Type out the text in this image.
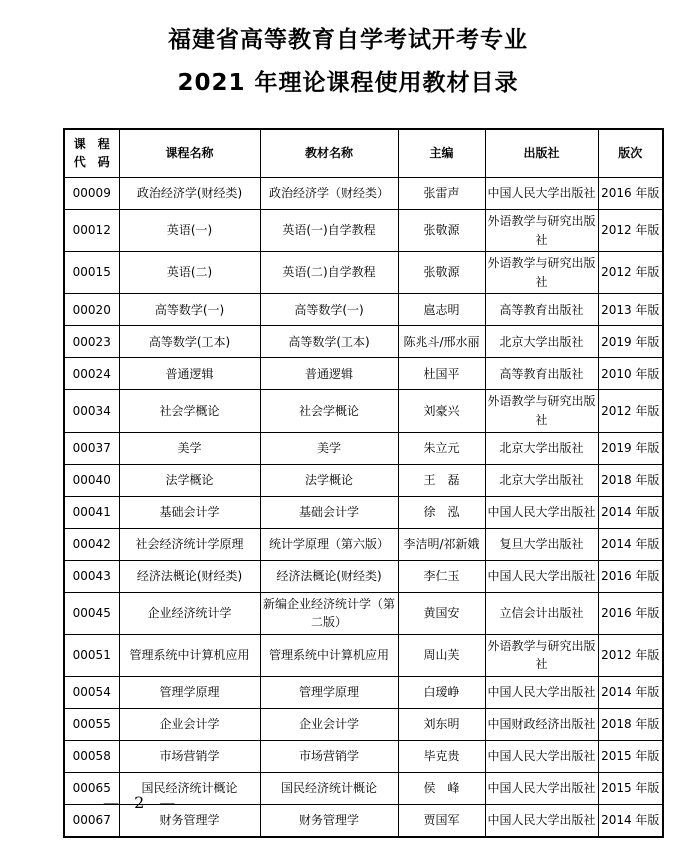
福建省高等教育自学考试开考专业
2021 年理论课程使用教材目录
课　程
代　码	课程名称	教材名称	主编	出版社	版次
00009	政治经济学(财经类)	政治经济学（财经类）	张雷声	中国人民大学出版社	2016 年版
00012	英语(一)	英语(一)自学教程	张敬源	外语教学与研究出版社	2012 年版
00015	英语(二)	英语(二)自学教程	张敬源	外语教学与研究出版社	2012 年版
00020	高等数学(一)	高等数学(一)	扈志明	高等教育出版社	2013 年版
00023	高等数学(工本)	高等数学(工本)	陈兆斗/邢水丽	北京大学出版社	2019 年版
00024	普通逻辑	普通逻辑	杜国平	高等教育出版社	2010 年版
00034	社会学概论	社会学概论	刘豪兴	外语教学与研究出版社	2012 年版
00037	美学	美学	朱立元	北京大学出版社	2019 年版
00040	法学概论	法学概论	王　磊	北京大学出版社	2018 年版
00041	基础会计学	基础会计学	徐　泓	中国人民大学出版社	2014 年版
00042	社会经济统计学原理	统计学原理（第六版）	李洁明/祁新娥	复旦大学出版社	2014 年版
00043	经济法概论(财经类)	经济法概论(财经类)	李仁玉	中国人民大学出版社	2016 年版
00045	企业经济统计学	新编企业经济统计学（第二版）	黄国安	立信会计出版社	2016 年版
00051	管理系统中计算机应用	管理系统中计算机应用	周山芙	外语教学与研究出版社	2012 年版
00054	管理学原理	管理学原理	白瑷峥	中国人民大学出版社	2014 年版
00055	企业会计学	企业会计学	刘东明	中国财政经济出版社	2018 年版
00058	市场营销学	市场营销学	毕克贵	中国人民大学出版社	2015 年版
00065	国民经济统计概论	国民经济统计概论	侯　峰	中国人民大学出版社	2015 年版
00067	财务管理学	财务管理学	贾国军	中国人民大学出版社	2014 年版
— 2 —
